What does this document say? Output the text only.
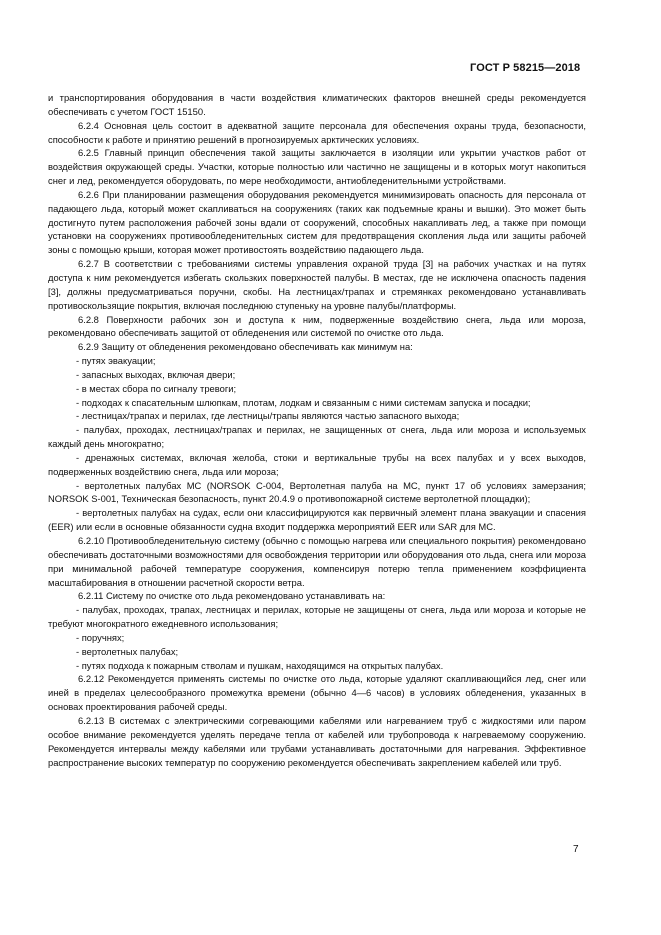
ГОСТ Р 58215—2018

и транспортирования оборудования в части воздействия климатических факторов внешней среды рекомендуется обеспечивать с учетом ГОСТ 15150.

6.2.4 Основная цель состоит в адекватной защите персонала для обеспечения охраны труда, безопасности, способности к работе и принятию решений в прогнозируемых арктических условиях.

6.2.5 Главный принцип обеспечения такой защиты заключается в изоляции или укрытии участков работ от воздействия окружающей среды. Участки, которые полностью или частично не защищены и в которых могут накопиться снег и лед, рекомендуется оборудовать, по мере необходимости, антиобледенительными устройствами.

6.2.6 При планировании размещения оборудования рекомендуется минимизировать опасность для персонала от падающего льда, который может скапливаться на сооружениях (таких как подъемные краны и вышки). Это может быть достигнуто путем расположения рабочей зоны вдали от сооружений, способных накапливать лед, а также при помощи установки на сооружениях противообледенительных систем для предотвращения скопления льда или защиты рабочей зоны с помощью крыши, которая может противостоять воздействию падающего льда.

6.2.7 В соответствии с требованиями системы управления охраной труда [3] на рабочих участках и на путях доступа к ним рекомендуется избегать скользких поверхностей палубы. В местах, где не исключена опасность падения [3], должны предусматриваться поручни, скобы. На лестницах/трапах и стремянках рекомендовано устанавливать противоскользящие покрытия, включая последнюю ступеньку на уровне палубы/платформы.

6.2.8 Поверхности рабочих зон и доступа к ним, подверженные воздействию снега, льда или мороза, рекомендовано обеспечивать защитой от обледенения или системой по очистке ото льда.

6.2.9 Защиту от обледенения рекомендовано обеспечивать как минимум на:

- путях эвакуации;

- запасных выходах, включая двери;

- в местах сбора по сигналу тревоги;

- подходах к спасательным шлюпкам, плотам, лодкам и связанным с ними системам запуска и посадки;

- лестницах/трапах и перилах, где лестницы/трапы являются частью запасного выхода;

- палубах, проходах, лестницах/трапах и перилах, не защищенных от снега, льда или мороза и используемых каждый день многократно;

- дренажных системах, включая желоба, стоки и вертикальные трубы на всех палубах и у всех выходов, подверженных воздействию снега, льда или мороза;

- вертолетных палубах МС (NORSOK C-004, Вертолетная палуба на МС, пункт 17 об условиях замерзания; NORSOK S-001, Техническая безопасность, пункт 20.4.9 о противопожарной системе вертолетной площадки);

- вертолетных палубах на судах, если они классифицируются как первичный элемент плана эвакуации и спасения (EER) или если в основные обязанности судна входит поддержка мероприятий EER или SAR для МС.

6.2.10 Противообледенительную систему (обычно с помощью нагрева или специального покрытия) рекомендовано обеспечивать достаточными возможностями для освобождения территории или оборудования ото льда, снега или мороза при минимальной рабочей температуре сооружения, компенсируя потерю тепла применением коэффициента масштабирования в отношении расчетной скорости ветра.

6.2.11 Систему по очистке ото льда рекомендовано устанавливать на:

- палубах, проходах, трапах, лестницах и перилах, которые не защищены от снега, льда или мороза и которые не требуют многократного ежедневного использования;

- поручнях;

- вертолетных палубах;

- путях подхода к пожарным стволам и пушкам, находящимся на открытых палубах.

6.2.12 Рекомендуется применять системы по очистке ото льда, которые удаляют скапливающийся лед, снег или иней в пределах целесообразного промежутка времени (обычно 4—6 часов) в условиях обледенения, указанных в основах проектирования рабочей среды.

6.2.13 В системах с электрическими согревающими кабелями или нагреванием труб с жидкостями или паром особое внимание рекомендуется уделять передаче тепла от кабелей или трубопровода к нагреваемому сооружению. Рекомендуется интервалы между кабелями или трубами устанавливать достаточными для нагревания. Эффективное распространение высоких температур по сооружению рекомендуется обеспечивать закреплением кабелей или труб.

7
